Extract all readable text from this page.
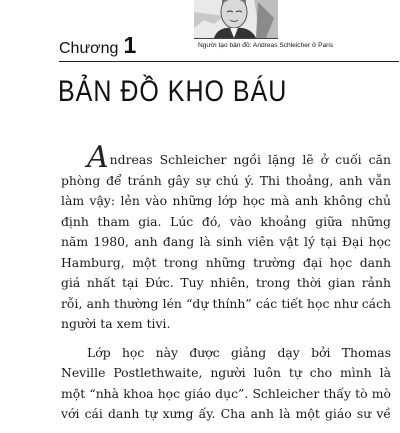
Người tạo bản đồ: Andreas Schleicher ở Paris
Chương 1
BẢN ĐỒ KHO BÁU

Andreas Schleicher ngồi lặng lẽ ở cuối căn

phòng để tránh gây sự chú ý. Thi thoảng, anh vẫn
làm vậy: lẻn vào những lớp học mà anh không chủ
định tham gia. Lúc đó, vào khoảng giữa những
năm 1980, anh đang là sinh viên vật lý tại Đại học
Hamburg, một trong những trường đại học danh
giá nhất tại Đức. Tuy nhiên, trong thời gian rảnh
rỗi, anh thường lén “dự thính” các tiết học như cách
người ta xem tivi.

Lớp học này được giảng dạy bởi Thomas
Neville Postlethwaite, người luôn tự cho mình là
một “nhà khoa học giáo dục”. Schleicher thấy tò mò
với cái danh tự xưng ấy. Cha anh là một giáo sư về
